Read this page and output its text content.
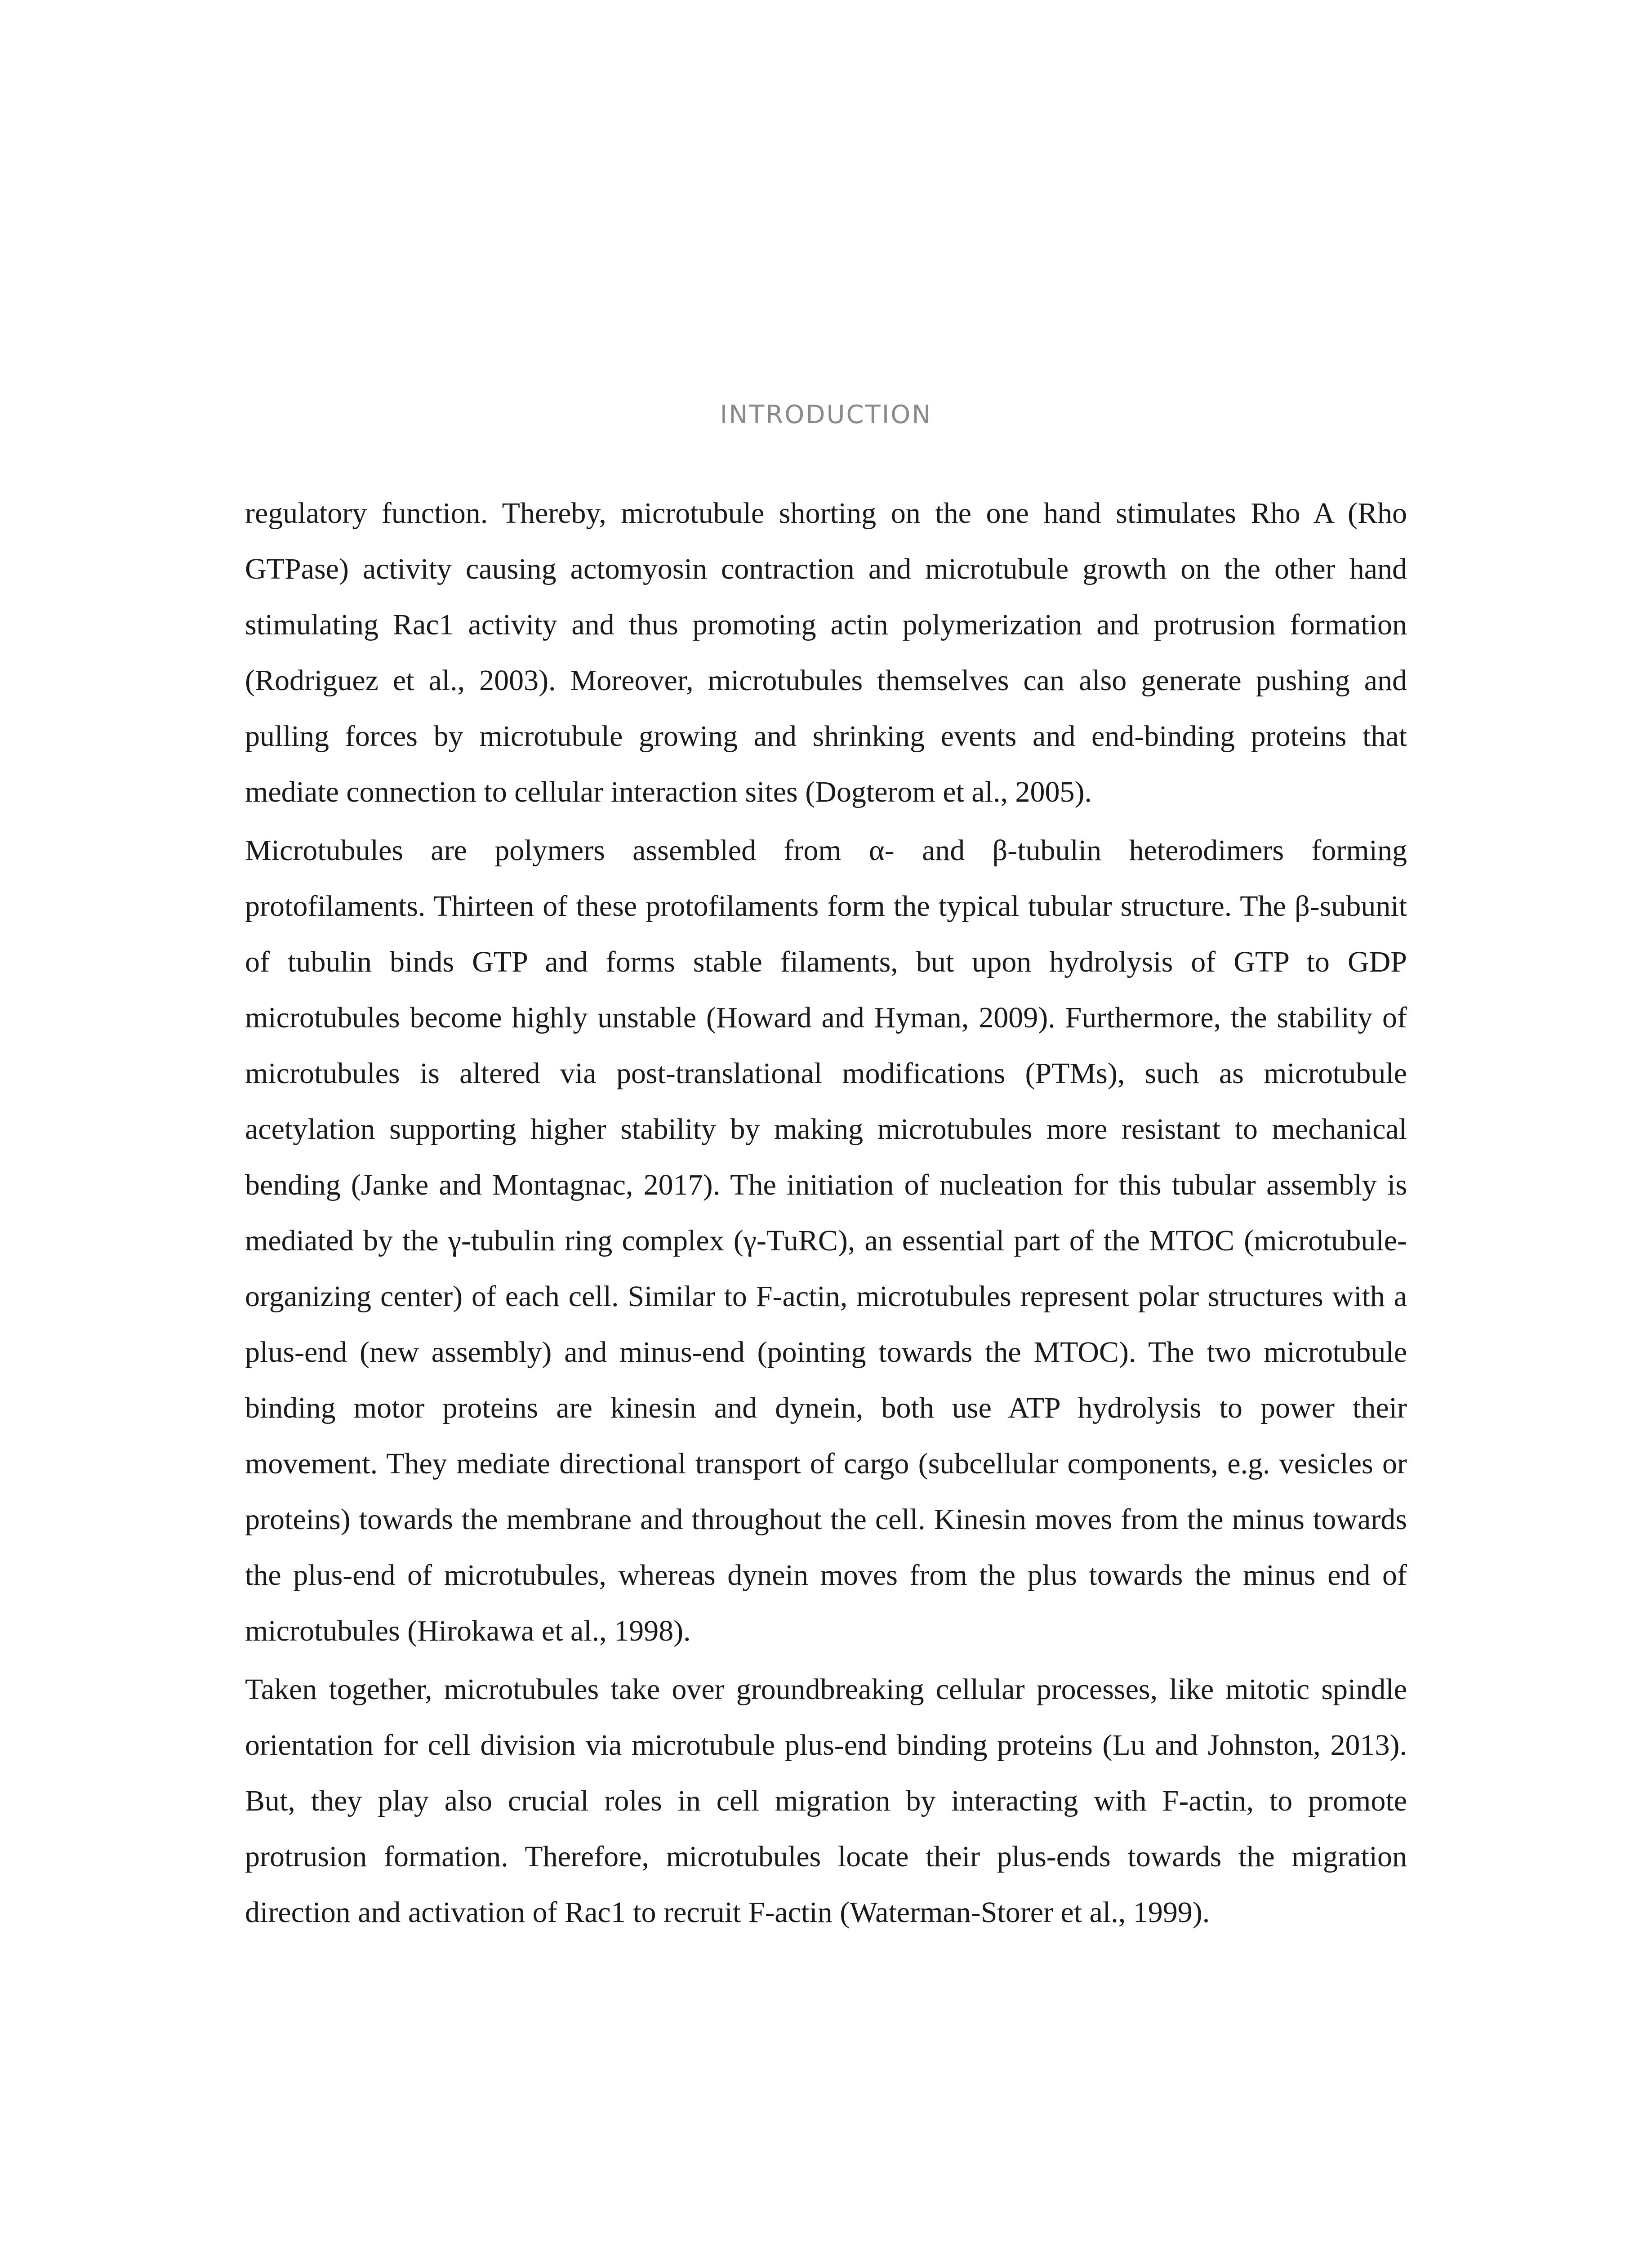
INTRODUCTION

regulatory function. Thereby, microtubule shorting on the one hand stimulates Rho A (Rho GTPase) activity causing actomyosin contraction and microtubule growth on the other hand stimulating Rac1 activity and thus promoting actin polymerization and protrusion formation (Rodriguez et al., 2003). Moreover, microtubules themselves can also generate pushing and pulling forces by microtubule growing and shrinking events and end-binding proteins that mediate connection to cellular interaction sites (Dogterom et al., 2005).

Microtubules are polymers assembled from α- and β-tubulin heterodimers forming protofilaments. Thirteen of these protofilaments form the typical tubular structure. The β-subunit of tubulin binds GTP and forms stable filaments, but upon hydrolysis of GTP to GDP microtubules become highly unstable (Howard and Hyman, 2009). Furthermore, the stability of microtubules is altered via post-translational modifications (PTMs), such as microtubule acetylation supporting higher stability by making microtubules more resistant to mechanical bending (Janke and Montagnac, 2017). The initiation of nucleation for this tubular assembly is mediated by the γ-tubulin ring complex (γ-TuRC), an essential part of the MTOC (microtubule-organizing center) of each cell. Similar to F-actin, microtubules represent polar structures with a plus-end (new assembly) and minus-end (pointing towards the MTOC). The two microtubule binding motor proteins are kinesin and dynein, both use ATP hydrolysis to power their movement. They mediate directional transport of cargo (subcellular components, e.g. vesicles or proteins) towards the membrane and throughout the cell. Kinesin moves from the minus towards the plus-end of microtubules, whereas dynein moves from the plus towards the minus end of microtubules (Hirokawa et al., 1998).

Taken together, microtubules take over groundbreaking cellular processes, like mitotic spindle orientation for cell division via microtubule plus-end binding proteins (Lu and Johnston, 2013). But, they play also crucial roles in cell migration by interacting with F-actin, to promote protrusion formation. Therefore, microtubules locate their plus-ends towards the migration direction and activation of Rac1 to recruit F-actin (Waterman-Storer et al., 1999).
